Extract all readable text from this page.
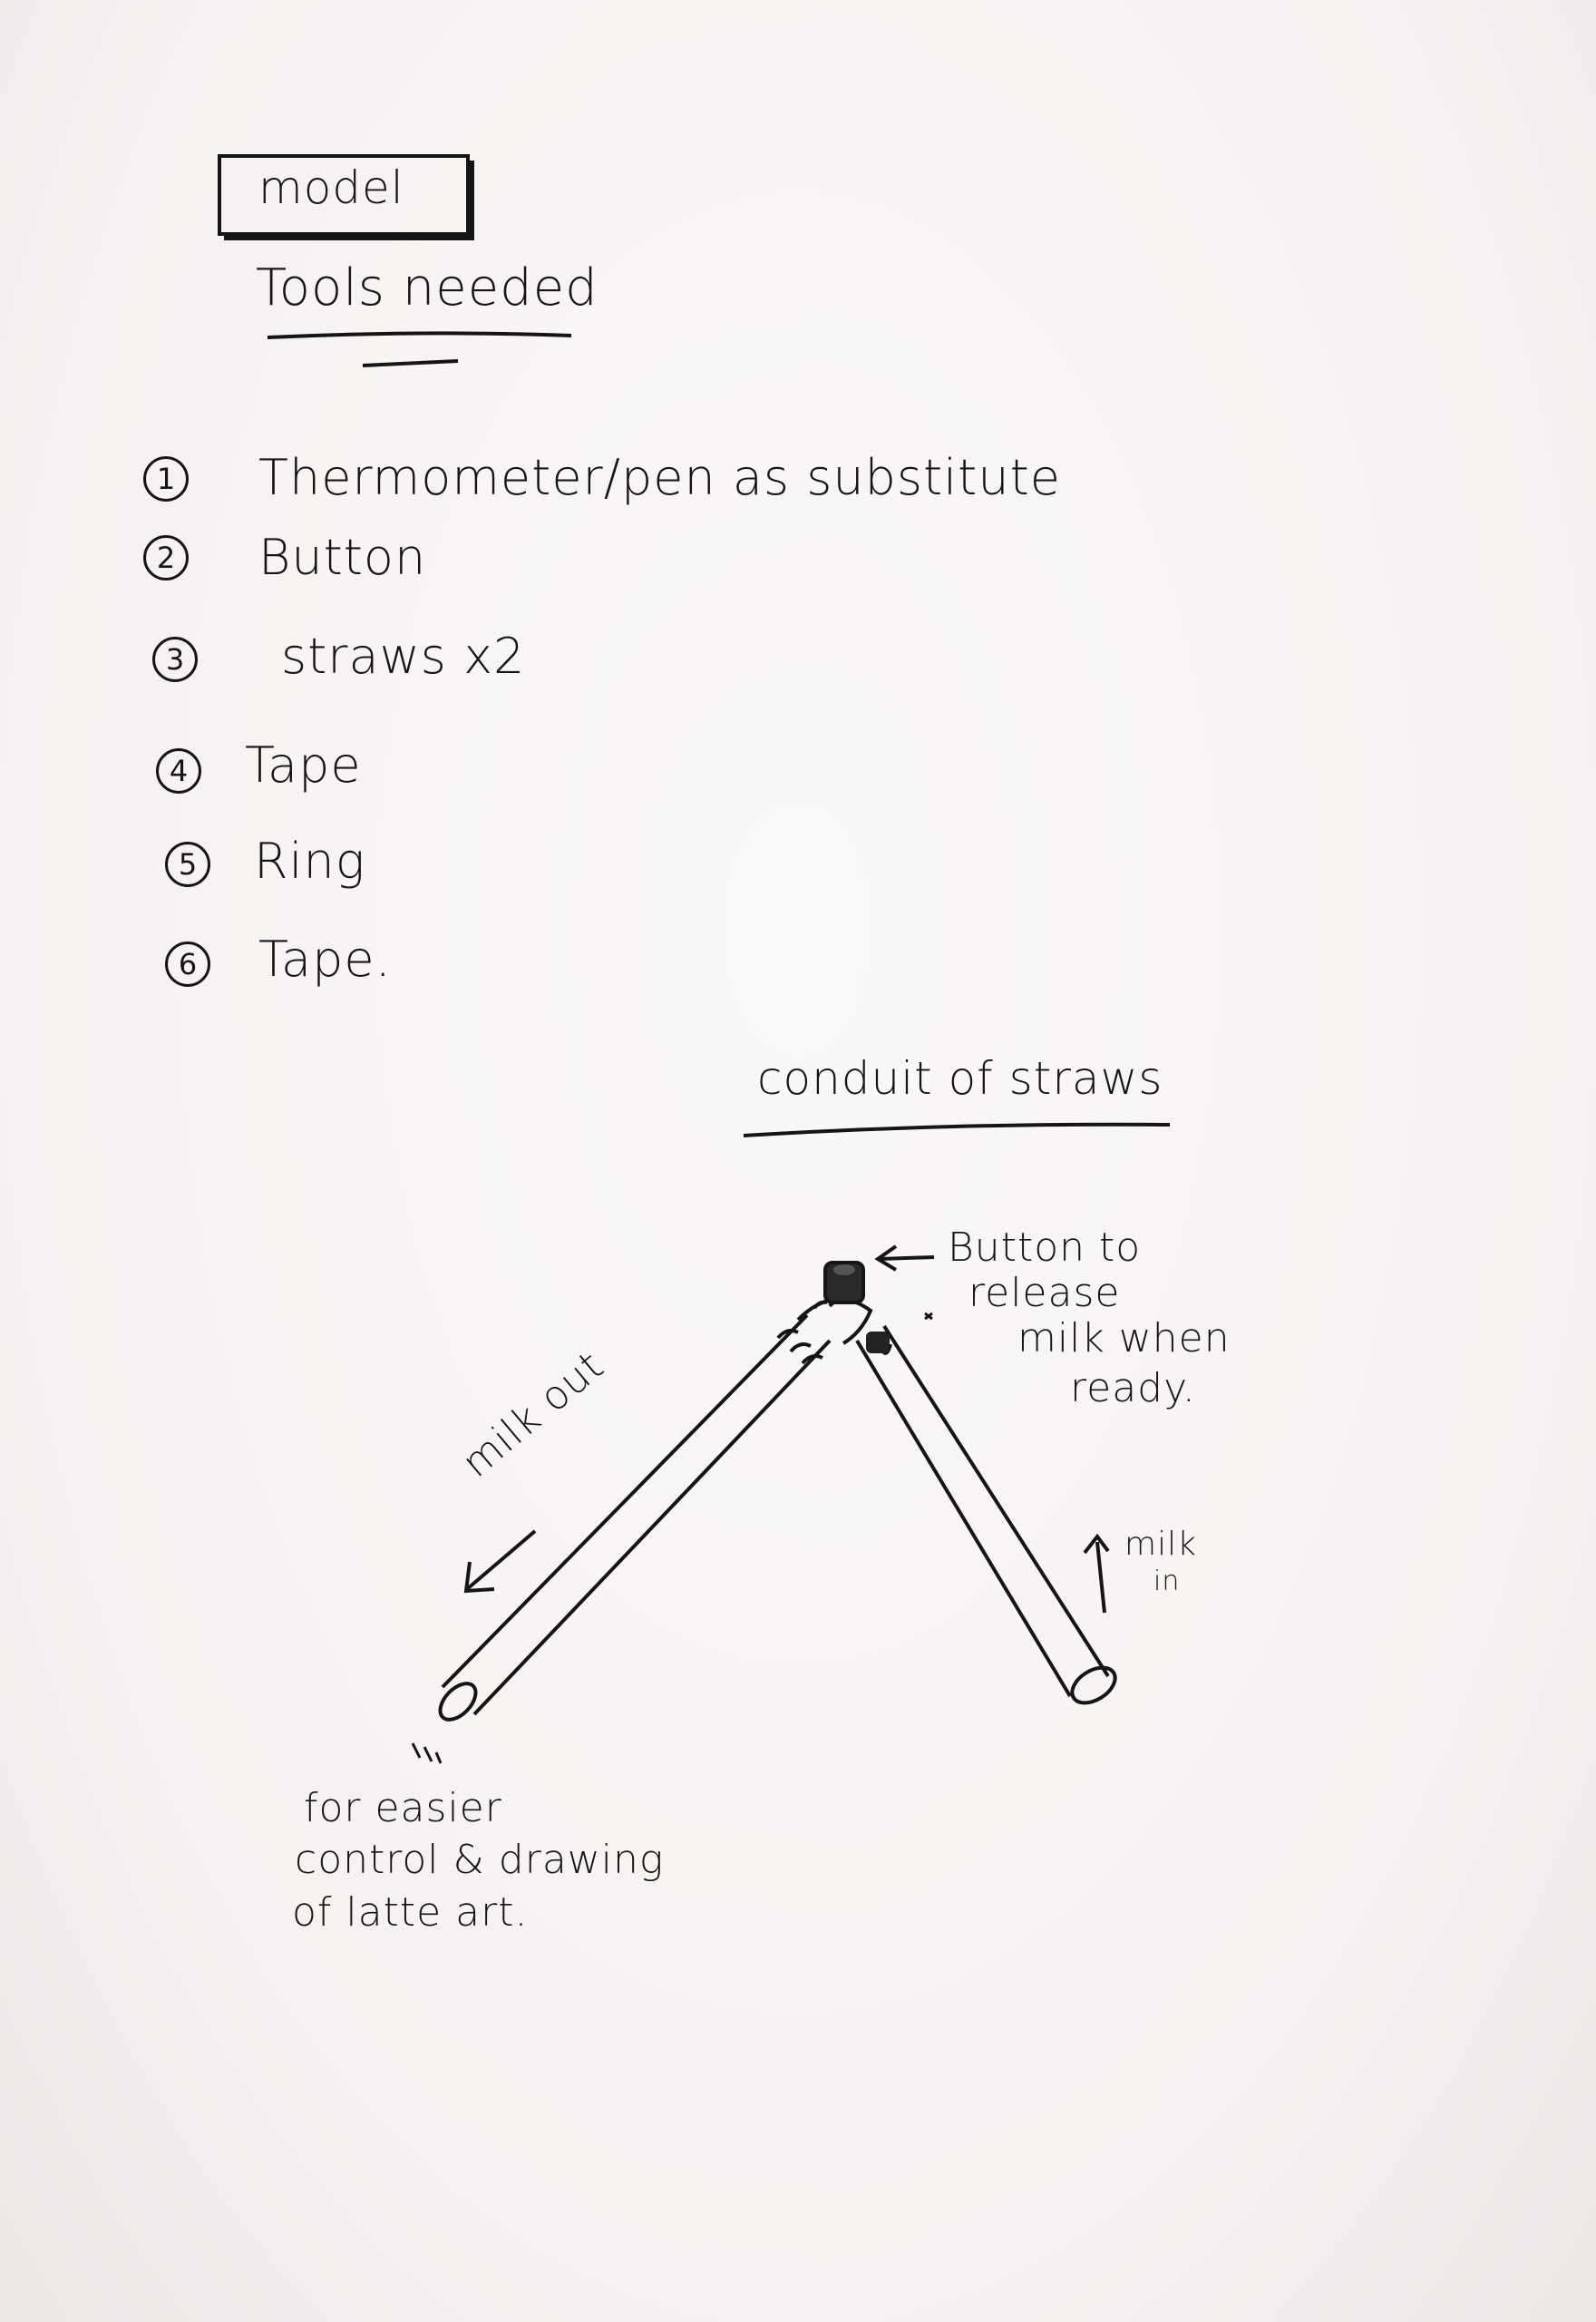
model
Tools needed
1 Thermometer/pen as substitute
2 Button
3 straws x2
4 Tape
5 Ring
6 Tape.
conduit of straws
Button to
release
milk when
ready.
milk out
milk
in
for easier
control & drawing
of latte art.
